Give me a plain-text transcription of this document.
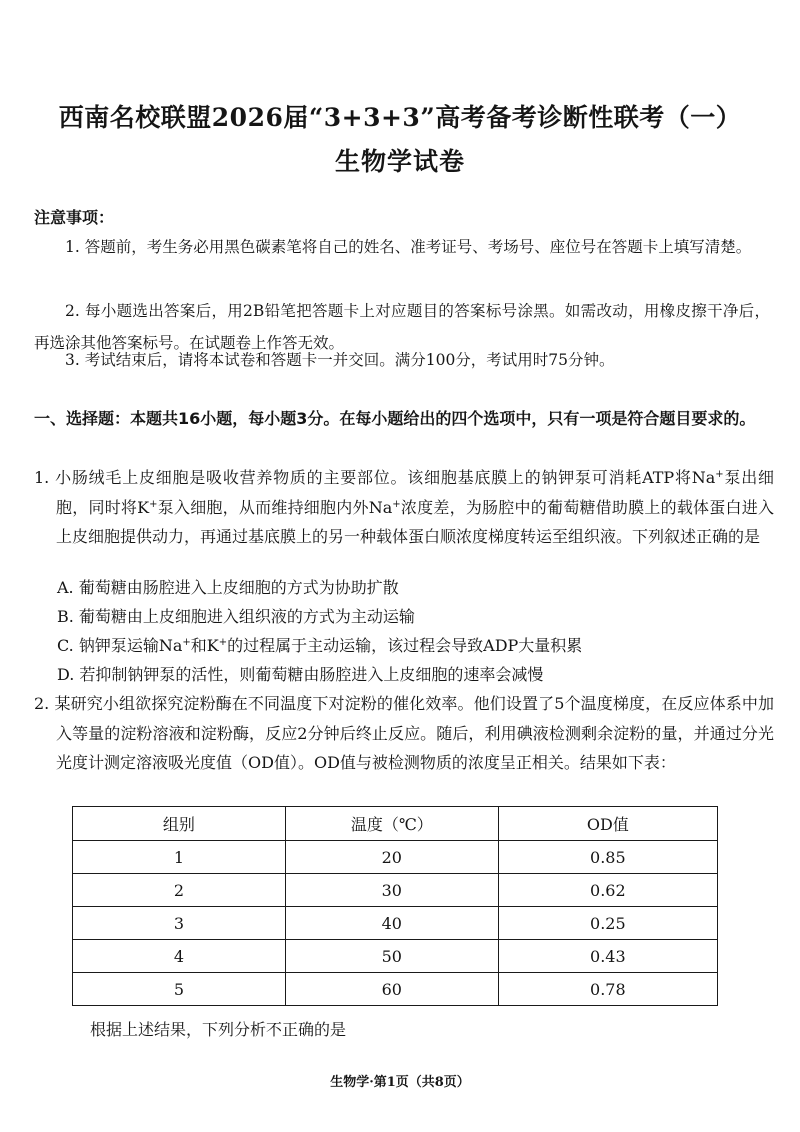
西南名校联盟2026届“3+3+3”高考备考诊断性联考（一）
生物学试卷
注意事项：
1. 答题前，考生务必用黑色碳素笔将自己的姓名、准考证号、考场号、座位号在答题卡上填写清楚。
2. 每小题选出答案后，用2B铅笔把答题卡上对应题目的答案标号涂黑。如需改动，用橡皮擦干净后，再选涂其他答案标号。在试题卷上作答无效。
3. 考试结束后，请将本试卷和答题卡一并交回。满分100分，考试用时75分钟。
一、选择题：本题共16小题，每小题3分。在每小题给出的四个选项中，只有一项是符合题目要求的。
1. 小肠绒毛上皮细胞是吸收营养物质的主要部位。该细胞基底膜上的钠钾泵可消耗ATP将Na+泵出细胞，同时将K+泵入细胞，从而维持细胞内外Na+浓度差，为肠腔中的葡萄糖借助膜上的载体蛋白进入上皮细胞提供动力，再通过基底膜上的另一种载体蛋白顺浓度梯度转运至组织液。下列叙述正确的是
A. 葡萄糖由肠腔进入上皮细胞的方式为协助扩散
B. 葡萄糖由上皮细胞进入组织液的方式为主动运输
C. 钠钾泵运输Na+和K+的过程属于主动运输，该过程会导致ADP大量积累
D. 若抑制钠钾泵的活性，则葡萄糖由肠腔进入上皮细胞的速率会减慢
2. 某研究小组欲探究淀粉酶在不同温度下对淀粉的催化效率。他们设置了5个温度梯度，在反应体系中加入等量的淀粉溶液和淀粉酶，反应2分钟后终止反应。随后，利用碘液检测剩余淀粉的量，并通过分光光度计测定溶液吸光度值（OD值）。OD值与被检测物质的浓度呈正相关。结果如下表：
组别	温度（℃）	OD值
1	20	0.85
2	30	0.62
3	40	0.25
4	50	0.43
5	60	0.78
根据上述结果，下列分析不正确的是
生物学·第1页（共8页）
